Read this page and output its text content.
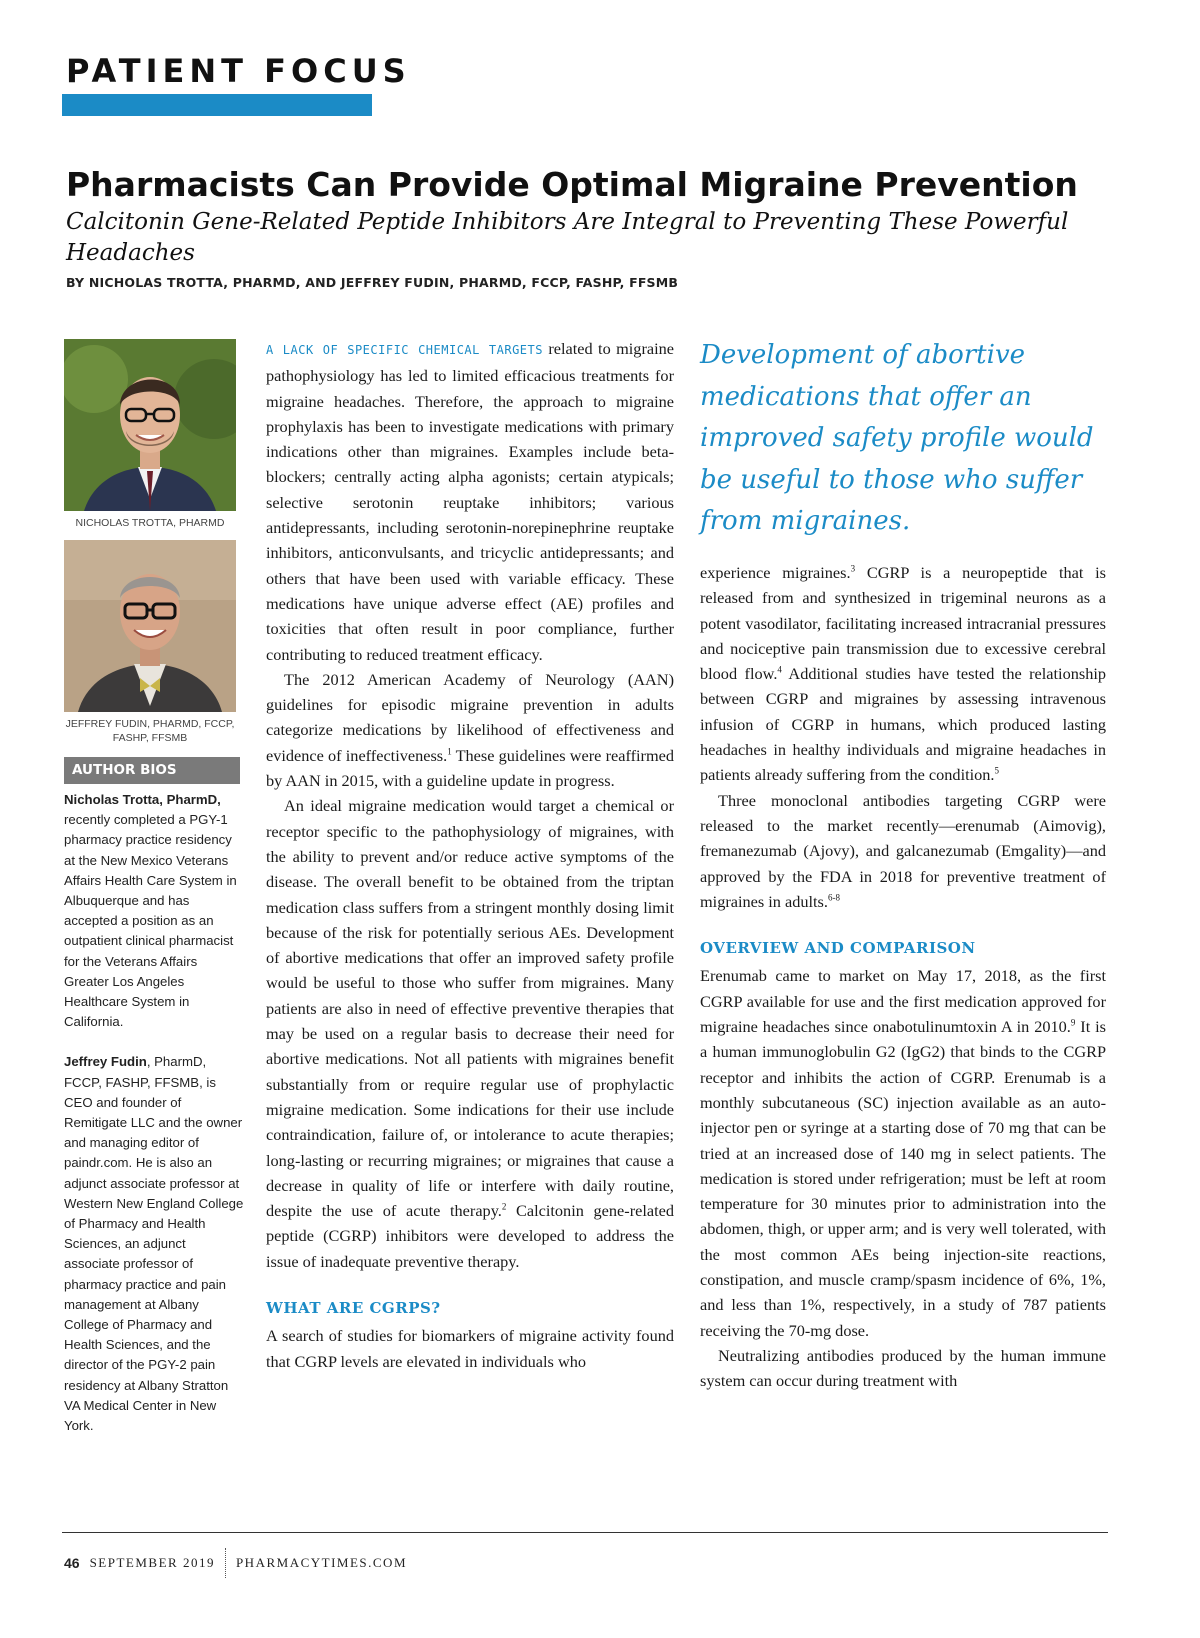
PATIENT FOCUS
Pharmacists Can Provide Optimal Migraine Prevention
Calcitonin Gene-Related Peptide Inhibitors Are Integral to Preventing These Powerful Headaches
BY NICHOLAS TROTTA, PHARMD, AND JEFFREY FUDIN, PHARMD, FCCP, FASHP, FFSMB
NICHOLAS TROTTA, PHARMD
JEFFREY FUDIN, PHARMD, FCCP, FASHP, FFSMB
AUTHOR BIOS

Nicholas Trotta, PharmD, recently completed a PGY-1 pharmacy practice residency at the New Mexico Veterans Affairs Health Care System in Albuquerque and has accepted a position as an outpatient clinical pharmacist for the Veterans Affairs Greater Los Angeles Healthcare System in California.

Jeffrey Fudin, PharmD, FCCP, FASHP, FFSMB, is CEO and founder of Remitigate LLC and the owner and managing editor of paindr.com. He is also an adjunct associate professor at Western New England College of Pharmacy and Health Sciences, an adjunct associate professor of pharmacy practice and pain management at Albany College of Pharmacy and Health Sciences, and the director of the PGY-2 pain residency at Albany Stratton VA Medical Center in New York.

A LACK OF SPECIFIC CHEMICAL TARGETS related to migraine pathophysiology has led to limited efficacious treatments for migraine headaches. Therefore, the approach to migraine prophylaxis has been to investigate medications with primary indications other than migraines. Examples include beta-blockers; centrally acting alpha agonists; certain atypicals; selective serotonin reuptake inhibitors; various antidepressants, including serotonin-norepinephrine reuptake inhibitors, anticonvulsants, and tricyclic antidepressants; and others that have been used with variable efficacy. These medications have unique adverse effect (AE) profiles and toxicities that often result in poor compliance, further contributing to reduced treatment efficacy.

The 2012 American Academy of Neurology (AAN) guidelines for episodic migraine prevention in adults categorize medications by likelihood of effectiveness and evidence of ineffectiveness.$^1$ These guidelines were reaffirmed by AAN in 2015, with a guideline update in progress.

An ideal migraine medication would target a chemical or receptor specific to the pathophysiology of migraines, with the ability to prevent and/or reduce active symptoms of the disease. The overall benefit to be obtained from the triptan medication class suffers from a stringent monthly dosing limit because of the risk for potentially serious AEs. Development of abortive medications that offer an improved safety profile would be useful to those who suffer from migraines. Many patients are also in need of effective preventive therapies that may be used on a regular basis to decrease their need for abortive medications. Not all patients with migraines benefit substantially from or require regular use of prophylactic migraine medication. Some indications for their use include contraindication, failure of, or intolerance to acute therapies; long-lasting or recurring migraines; or migraines that cause a decrease in quality of life or interfere with daily routine, despite the use of acute therapy.$^2$ Calcitonin gene-related peptide (CGRP) inhibitors were developed to address the issue of inadequate preventive therapy.

WHAT ARE CGRPS?

A search of studies for biomarkers of migraine activity found that CGRP levels are elevated in individuals who

Development of abortive medications that offer an improved safety profile would be useful to those who suffer from migraines.

experience migraines.$^3$ CGRP is a neuropeptide that is released from and synthesized in trigeminal neurons as a potent vasodilator, facilitating increased intracranial pressures and nociceptive pain transmission due to excessive cerebral blood flow.$^4$ Additional studies have tested the relationship between CGRP and migraines by assessing intravenous infusion of CGRP in humans, which produced lasting headaches in healthy individuals and migraine headaches in patients already suffering from the condition.$^5$

Three monoclonal antibodies targeting CGRP were released to the market recently—erenumab (Aimovig), fremanezumab (Ajovy), and galcanezumab (Emgality)—and approved by the FDA in 2018 for preventive treatment of migraines in adults.$^{6-8}$

OVERVIEW AND COMPARISON

Erenumab came to market on May 17, 2018, as the first CGRP available for use and the first medication approved for migraine headaches since onabotulinumtoxin A in 2010.$^9$ It is a human immunoglobulin G2 (IgG2) that binds to the CGRP receptor and inhibits the action of CGRP. Erenumab is a monthly subcutaneous (SC) injection available as an auto-injector pen or syringe at a starting dose of 70 mg that can be tried at an increased dose of 140 mg in select patients. The medication is stored under refrigeration; must be left at room temperature for 30 minutes prior to administration into the abdomen, thigh, or upper arm; and is very well tolerated, with the most common AEs being injection-site reactions, constipation, and muscle cramp/spasm incidence of 6%, 1%, and less than 1%, respectively, in a study of 787 patients receiving the 70-mg dose.

Neutralizing antibodies produced by the human immune system can occur during treatment with

46 SEPTEMBER 2019 PHARMACYTIMES.COM
